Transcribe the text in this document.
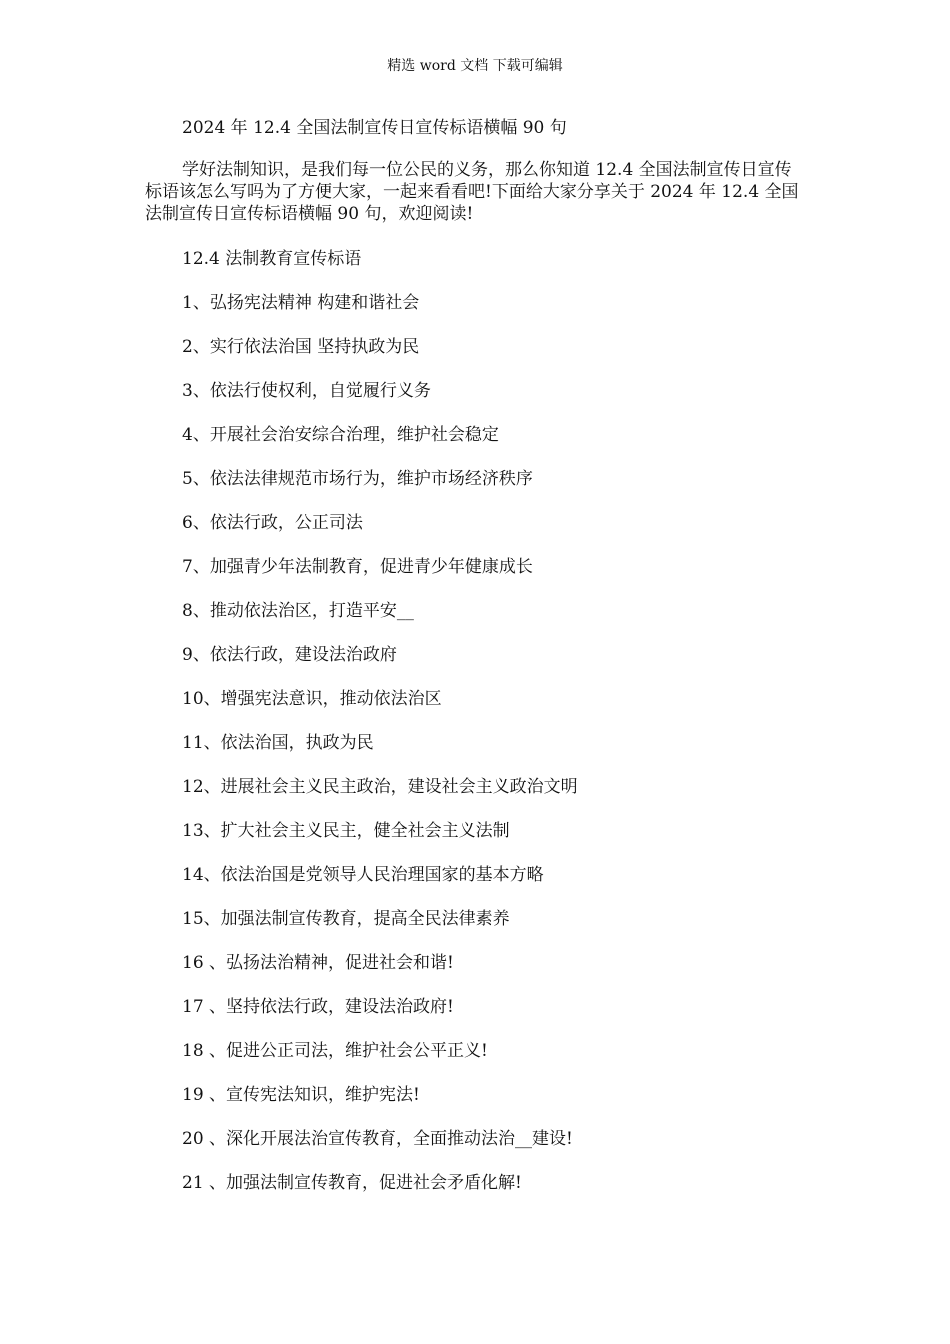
精选 word 文档 下载可编辑
2024 年 12.4 全国法制宣传日宣传标语横幅 90 句

学好法制知识，是我们每一位公民的义务，那么你知道 12.4 全国法制宣传日宣传标语该怎么写吗为了方便大家，一起来看看吧!下面给大家分享关于 2024 年 12.4 全国法制宣传日宣传标语横幅 90 句，欢迎阅读!

12.4 法制教育宣传标语
1、弘扬宪法精神 构建和谐社会
2、实行依法治国 坚持执政为民
3、依法行使权利，自觉履行义务
4、开展社会治安综合治理，维护社会稳定
5、依法法律规范市场行为，维护市场经济秩序
6、依法行政，公正司法
7、加强青少年法制教育，促进青少年健康成长
8、推动依法治区，打造平安__
9、依法行政，建设法治政府
10、增强宪法意识，推动依法治区
11、依法治国，执政为民
12、进展社会主义民主政治，建设社会主义政治文明
13、扩大社会主义民主，健全社会主义法制
14、依法治国是党领导人民治理国家的基本方略
15、加强法制宣传教育，提高全民法律素养
16 、弘扬法治精神，促进社会和谐!
17 、坚持依法行政，建设法治政府!
18 、促进公正司法，维护社会公平正义!
19 、宣传宪法知识，维护宪法!
20 、深化开展法治宣传教育，全面推动法治__建设!
21 、加强法制宣传教育，促进社会矛盾化解!
